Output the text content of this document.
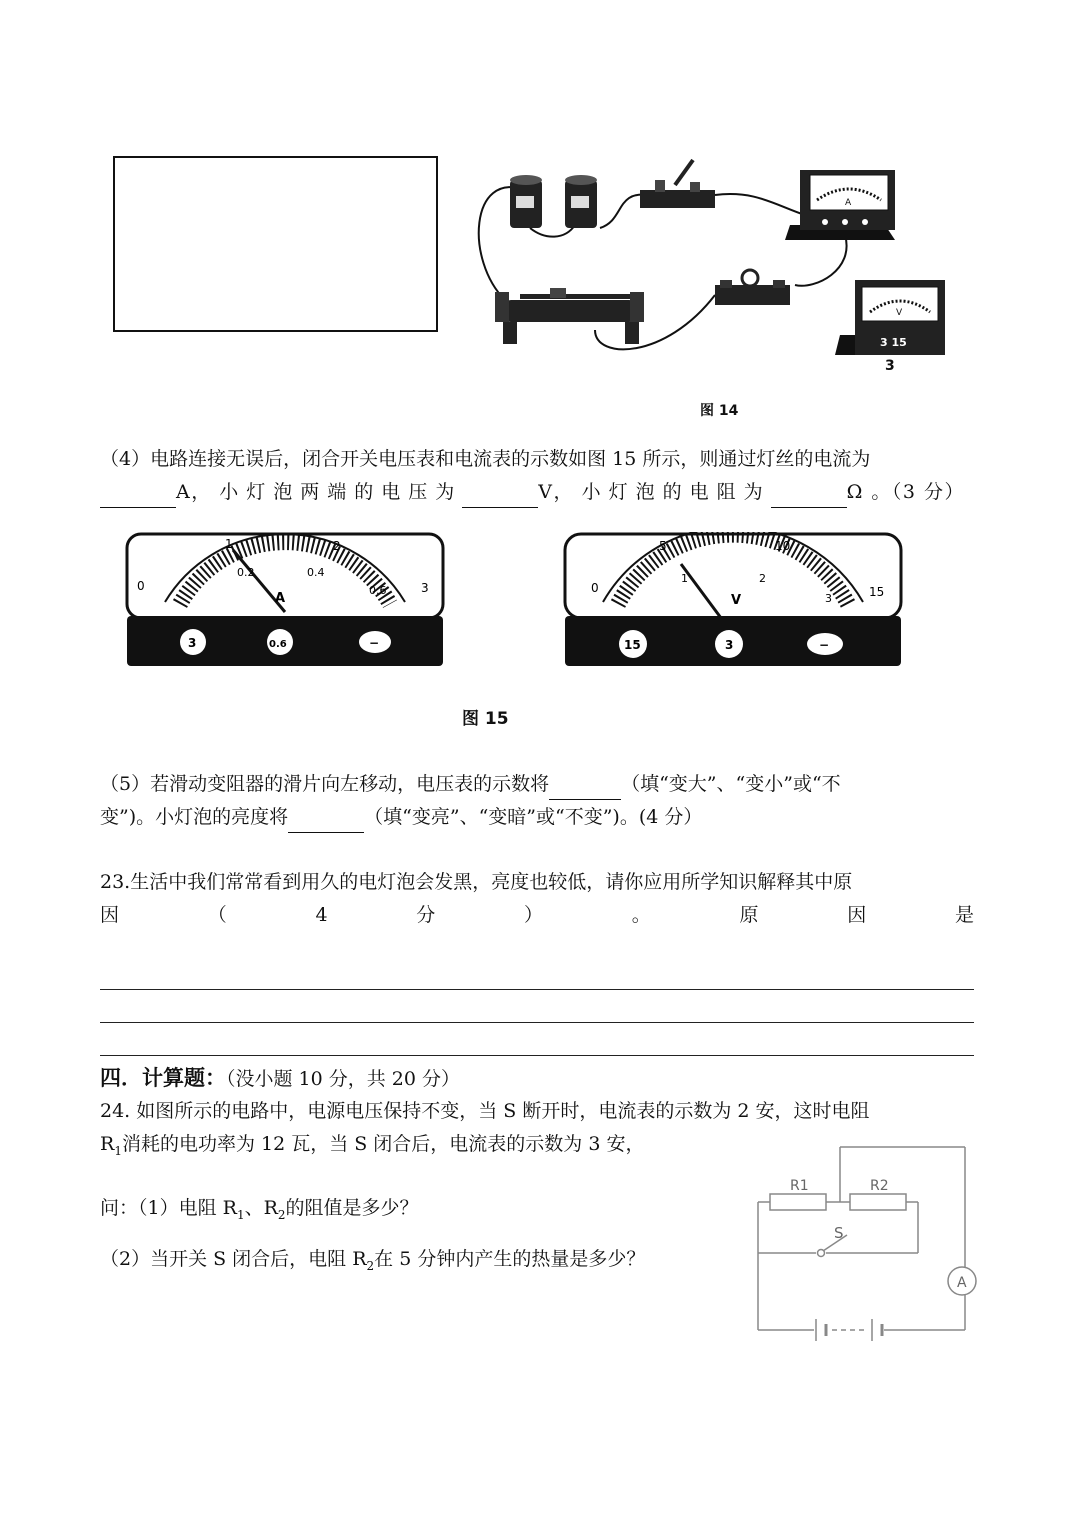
A
V
3 15
3
图 14
（4）电路连接无误后，闭合开关电压表和电流表的示数如图 15 所示，则通过灯丝的电流为
A， 小灯泡两端的电压为	V， 小灯泡的电阻为	Ω 。（3 分）
1	2
3
0
0.2	0.4
0.6
A
3	0.6	−
5	10
15
0
1	2
3
V
15	3	−
图 15
（5）若滑动变阻器的滑片向左移动，电压表的示数将	（填“变大”、“变小”或“不
变”)。小灯泡的亮度将	（填“变亮”、“变暗”或“不变”)。(4 分）
23.生活中我们常常看到用久的电灯泡会发黑，亮度也较低，请你应用所学知识解释其中原
因	（	4	分	）	。	原	因	是
四．计算题：（没小题 10 分，共 20 分）
24. 如图所示的电路中，电源电压保持不变，当 S 断开时，电流表的示数为 2 安，这时电阻
$R_1$消耗的电功率为 12 瓦，当 S 闭合后，电流表的示数为 3 安，
问：（1）电阻 $R_1$、$R_2$的阻值是多少？
（2）当开关 S 闭合后，电阻 $R_2$在 5 分钟内产生的热量是多少？
A
R1	R2
S
